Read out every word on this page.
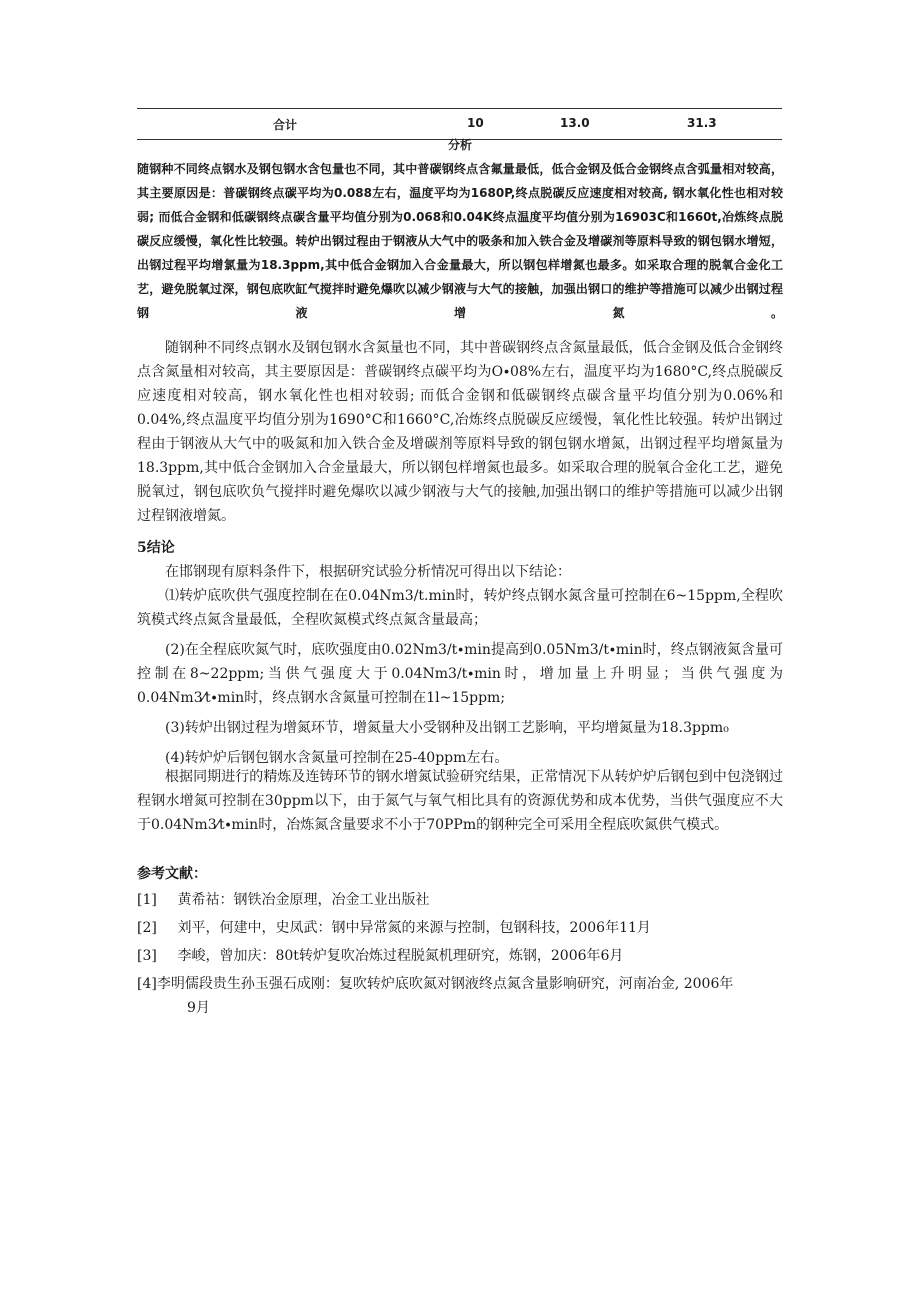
合计	10	13.0	31.3
分析
随钢种不同终点钢水及钢包钢水含包量也不同，其中普碳钢终点含氟量最低，低合金钢及低合金钢终点含弧量相对较高，其主要原因是：普碳钢终点碳平均为0.088左右，温度平均为1680P,终点脱碳反应速度相对较高, 钢水氧化性也相对较弱; 而低合金钢和低碳钢终点碳含量平均值分别为0.068和0.04K终点温度平均值分别为16903C和1660t,冶炼终点脱碳反应缓慢，氧化性比较强。转炉出钢过程由于钢液从大气中的吸条和加入铁合金及增碳剂等原料导致的钢包钢水增短，出钢过程平均增氯量为18.3ppm,其中低合金钢加入合金量最大，所以钢包样增氮也最多。如采取合理的脱氧合金化工艺，避免脱氧过深，钢包底吹缸气搅拌时避免爆吹以减少钢液与大气的接触，加强出钢口的维护等措施可以减少出钢过程钢液增氮。
随钢种不同终点钢水及钢包钢水含氮量也不同，其中普碳钢终点含氮量最低，低合金钢及低合金钢终点含氮量相对较高，其主要原因是：普碳钢终点碳平均为O∙08%左右，温度平均为1680°C,终点脱碳反应速度相对较高，钢水氧化性也相对较弱; 而低合金钢和低碳钢终点碳含量平均值分别为0.06%和0.04%,终点温度平均值分别为1690°C和1660°C,冶炼终点脱碳反应缓慢，氧化性比较强。转炉出钢过程由于钢液从大气中的吸氮和加入铁合金及增碳剂等原料导致的钢包钢水增氮，出钢过程平均增氮量为18.3ppm,其中低合金钢加入合金量最大，所以钢包样增氮也最多。如采取合理的脱氧合金化工艺，避免脱氧过，钢包底吹负气搅拌时避免爆吹以减少钢液与大气的接触,加强出钢口的维护等措施可以减少出钢过程钢液增氮。
5结论
在邯钢现有原料条件下，根据研究试验分析情况可得出以下结论：

⑴转炉底吹供气强度控制在在0.04Nm3/t.min时，转炉终点钢水氮含量可控制在6~15ppm,全程吹筑模式终点氮含量最低，全程吹氮模式终点氮含量最高；

(2)在全程底吹氮气时，底吹强度由0.02Nm3/t∙min提高到0.05Nm3/t∙min时，终点钢液氮含量可控制在8~22ppm;当供气强度大于0.04Nm3/t∙min时，增加量上升明显；当供气强度为0.04Nm3⁄t∙min时，终点钢水含氮量可控制在1l~15ppm;

(3)转炉出钢过程为增氮环节，增氮量大小受钢种及出钢工艺影响，平均增氮量为18.3ppm₀

(4)转炉炉后钢包钢水含氮量可控制在25-40ppm左右。

根据同期进行的精炼及连铸环节的钢水增氮试验研究结果，正常情况下从转炉炉后钢包到中包浇钢过程钢水增氮可控制在30ppm以下，由于氮气与氧气相比具有的资源优势和成本优势，当供气强度应不大于0.04Nm3⁄t∙min时，冶炼氮含量要求不小于70PPm的钢种完全可采用全程底吹氮供气模式。
参考文献：
[1] 黄希祜：钢铁冶金原理，冶金工业出版社
[2] 刘平，何建中，史凤武：钢中异常氮的来源与控制，包钢科技，2006年11月
[3] 李峻，曾加庆：80t转炉复吹冶炼过程脱氮机理研究，炼钢，2006年6月
[4]李明儒段贵生孙玉强石成刚：复吹转炉底吹氮对钢液终点氮含量影响研究，河南冶金, 2006年
9月
